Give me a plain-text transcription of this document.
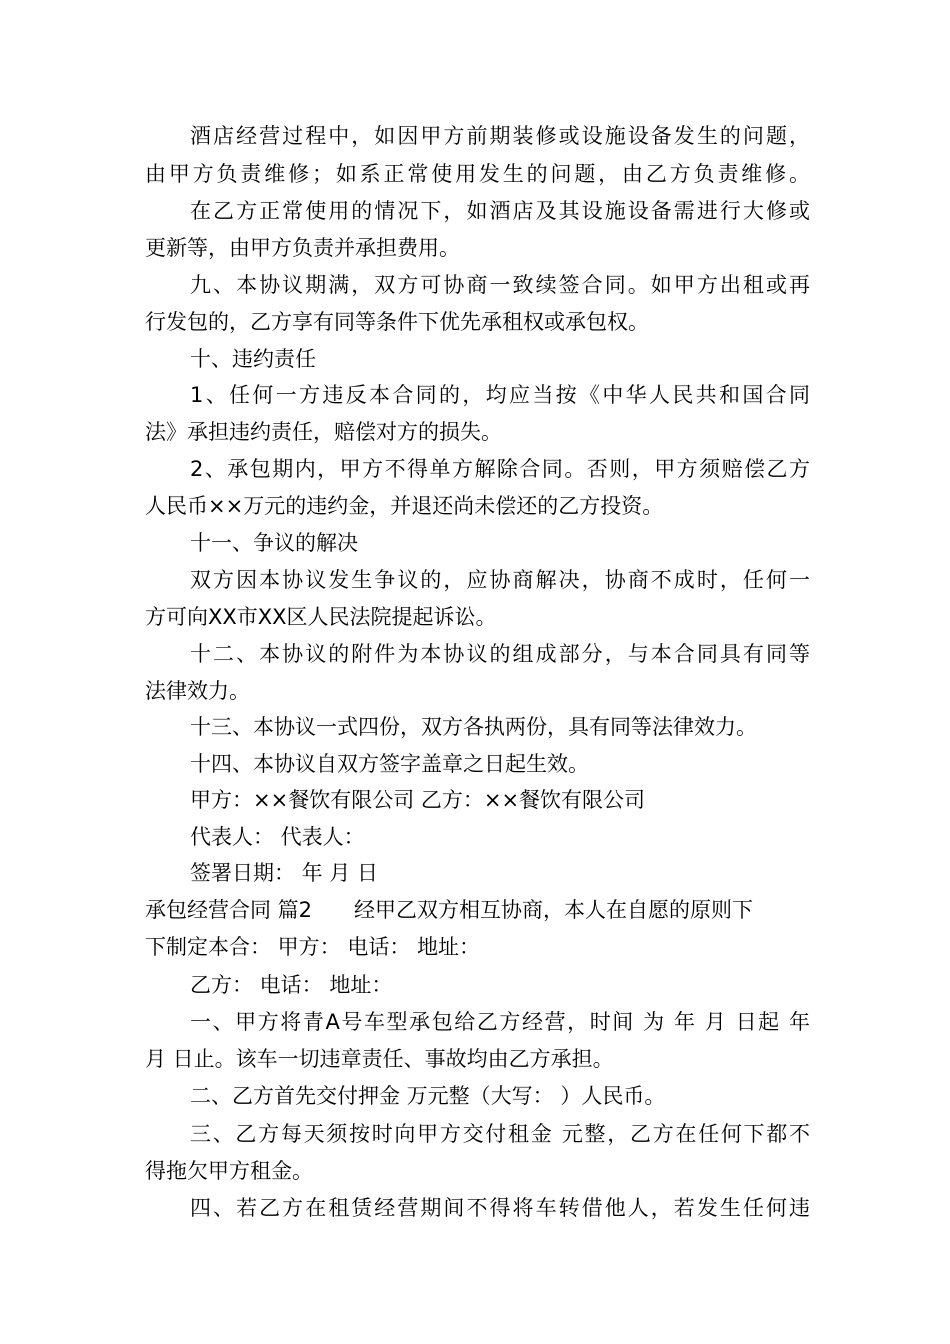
酒店经营过程中，如因甲方前期装修或设施设备发生的问题，
由甲方负责维修；如系正常使用发生的问题，由乙方负责维修。
在乙方正常使用的情况下，如酒店及其设施设备需进行大修或
更新等，由甲方负责并承担费用。
九、本协议期满，双方可协商一致续签合同。如甲方出租或再
行发包的，乙方享有同等条件下优先承租权或承包权。
十、违约责任
1、任何一方违反本合同的，均应当按《中华人民共和国合同
法》承担违约责任，赔偿对方的损失。
2、承包期内，甲方不得单方解除合同。否则，甲方须赔偿乙方
人民币××万元的违约金，并退还尚未偿还的乙方投资。
十一、争议的解决
双方因本协议发生争议的，应协商解决，协商不成时，任何一
方可向XX市XX区人民法院提起诉讼。
十二、本协议的附件为本协议的组成部分，与本合同具有同等
法律效力。
十三、本协议一式四份，双方各执两份，具有同等法律效力。
十四、本协议自双方签字盖章之日起生效。
甲方：××餐饮有限公司 乙方：××餐饮有限公司
代表人： 代表人：
签署日期： 年 月 日
承包经营合同 篇2　　经甲乙双方相互协商，本人在自愿的原则下
下制定本合： 甲方： 电话： 地址：
乙方： 电话： 地址：
一、甲方将青A号车型承包给乙方经营，时间 为 年 月 日起 年
月 日止。该车一切违章责任、事故均由乙方承担。
二、乙方首先交付押金 万元整（大写： ）人民币。
三、乙方每天须按时向甲方交付租金 元整，乙方在任何下都不
得拖欠甲方租金。
四、若乙方在租赁经营期间不得将车转借他人，若发生任何违
